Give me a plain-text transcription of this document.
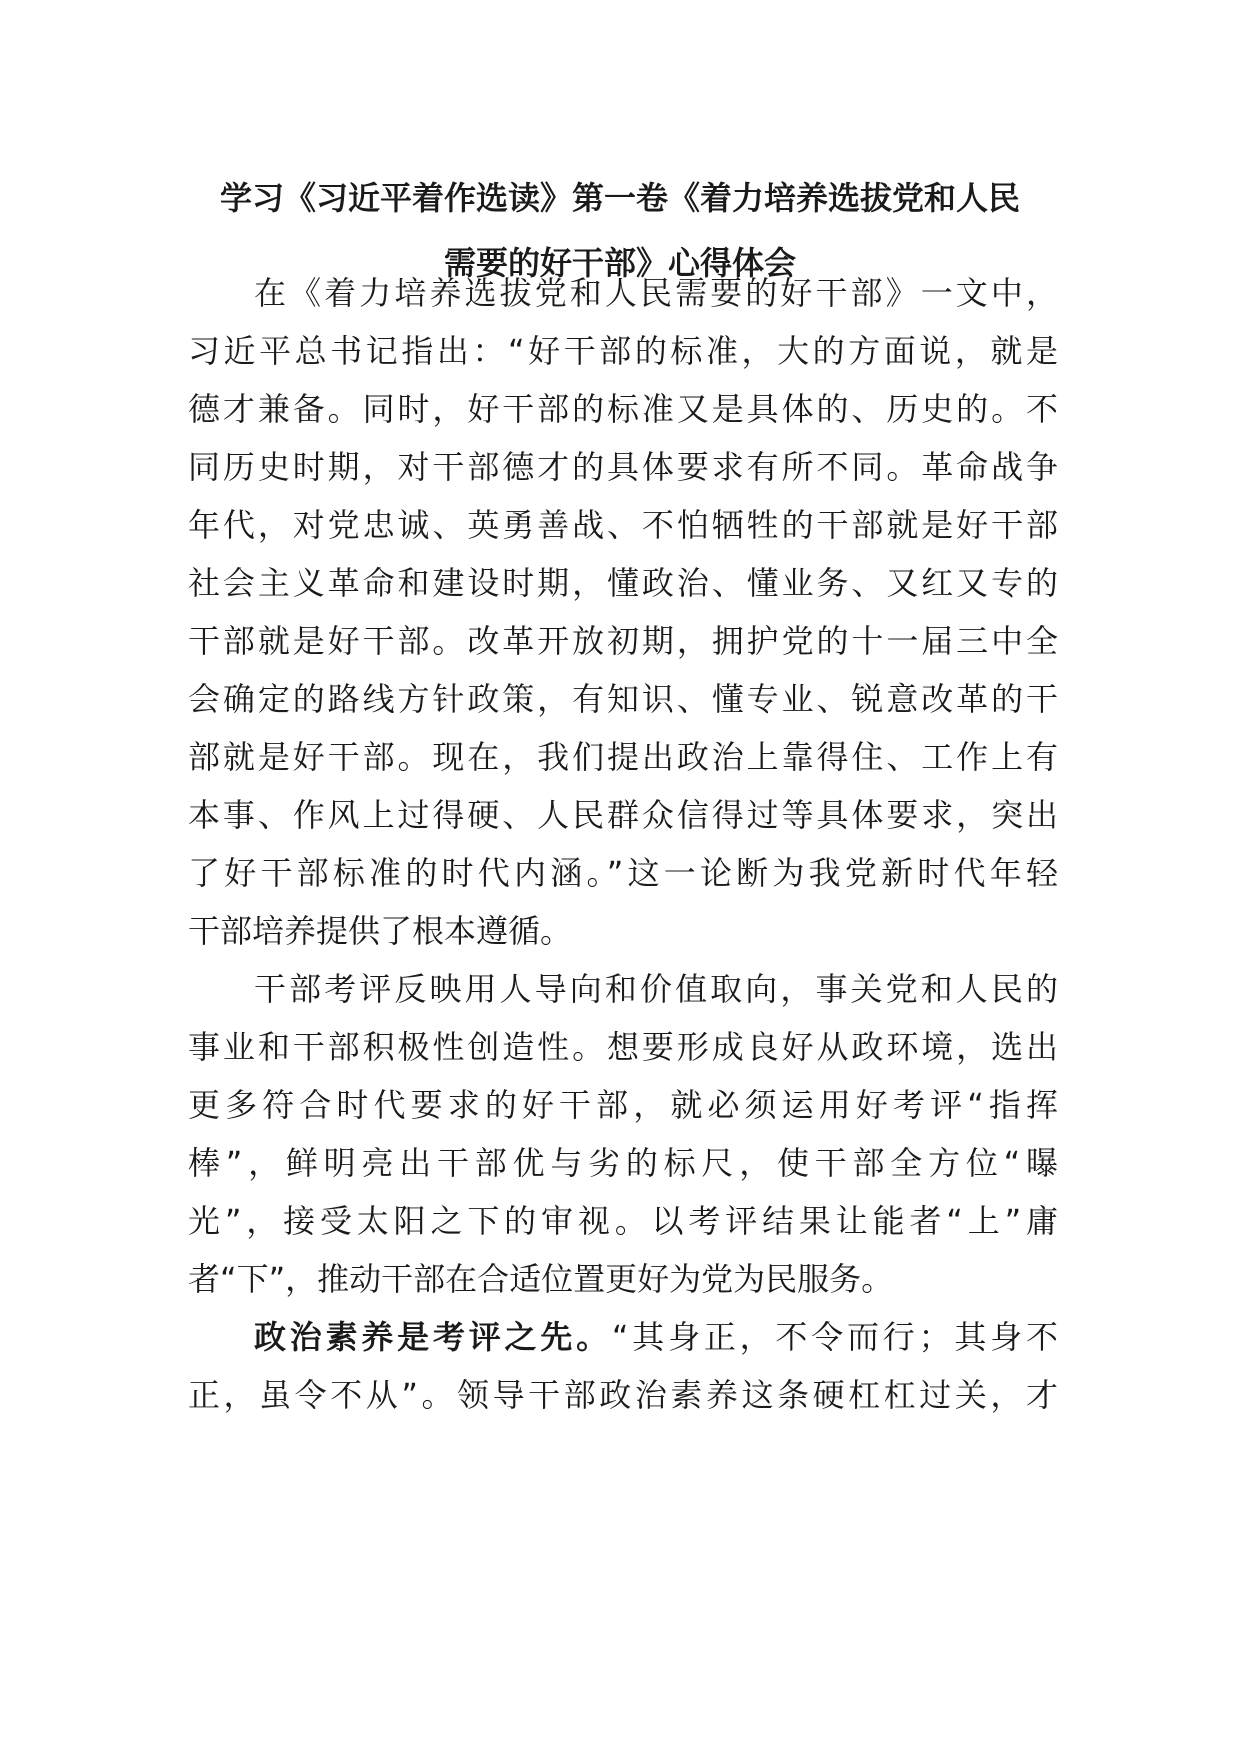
学习《习近平着作选读》第一卷《着力培养选拔党和人民
需要的好干部》心得体会
在《着力培养选拔党和人民需要的好干部》一文中，
习近平总书记指出：“好干部的标准，大的方面说，就是
德才兼备。同时，好干部的标准又是具体的、历史的。不
同历史时期，对干部德才的具体要求有所不同。革命战争
年代，对党忠诚、英勇善战、不怕牺牲的干部就是好干部
社会主义革命和建设时期，懂政治、懂业务、又红又专的
干部就是好干部。改革开放初期，拥护党的十一届三中全
会确定的路线方针政策，有知识、懂专业、锐意改革的干
部就是好干部。现在，我们提出政治上靠得住、工作上有
本事、作风上过得硬、人民群众信得过等具体要求，突出
了好干部标准的时代内涵。”这一论断为我党新时代年轻
干部培养提供了根本遵循。
干部考评反映用人导向和价值取向，事关党和人民的
事业和干部积极性创造性。想要形成良好从政环境，选出
更多符合时代要求的好干部，就必须运用好考评“指挥
棒”，鲜明亮出干部优与劣的标尺，使干部全方位“曝
光”，接受太阳之下的审视。以考评结果让能者“上”庸
者“下”，推动干部在合适位置更好为党为民服务。
政治素养是考评之先。“其身正，不令而行；其身不
正，虽令不从”。领导干部政治素养这条硬杠杠过关，才
